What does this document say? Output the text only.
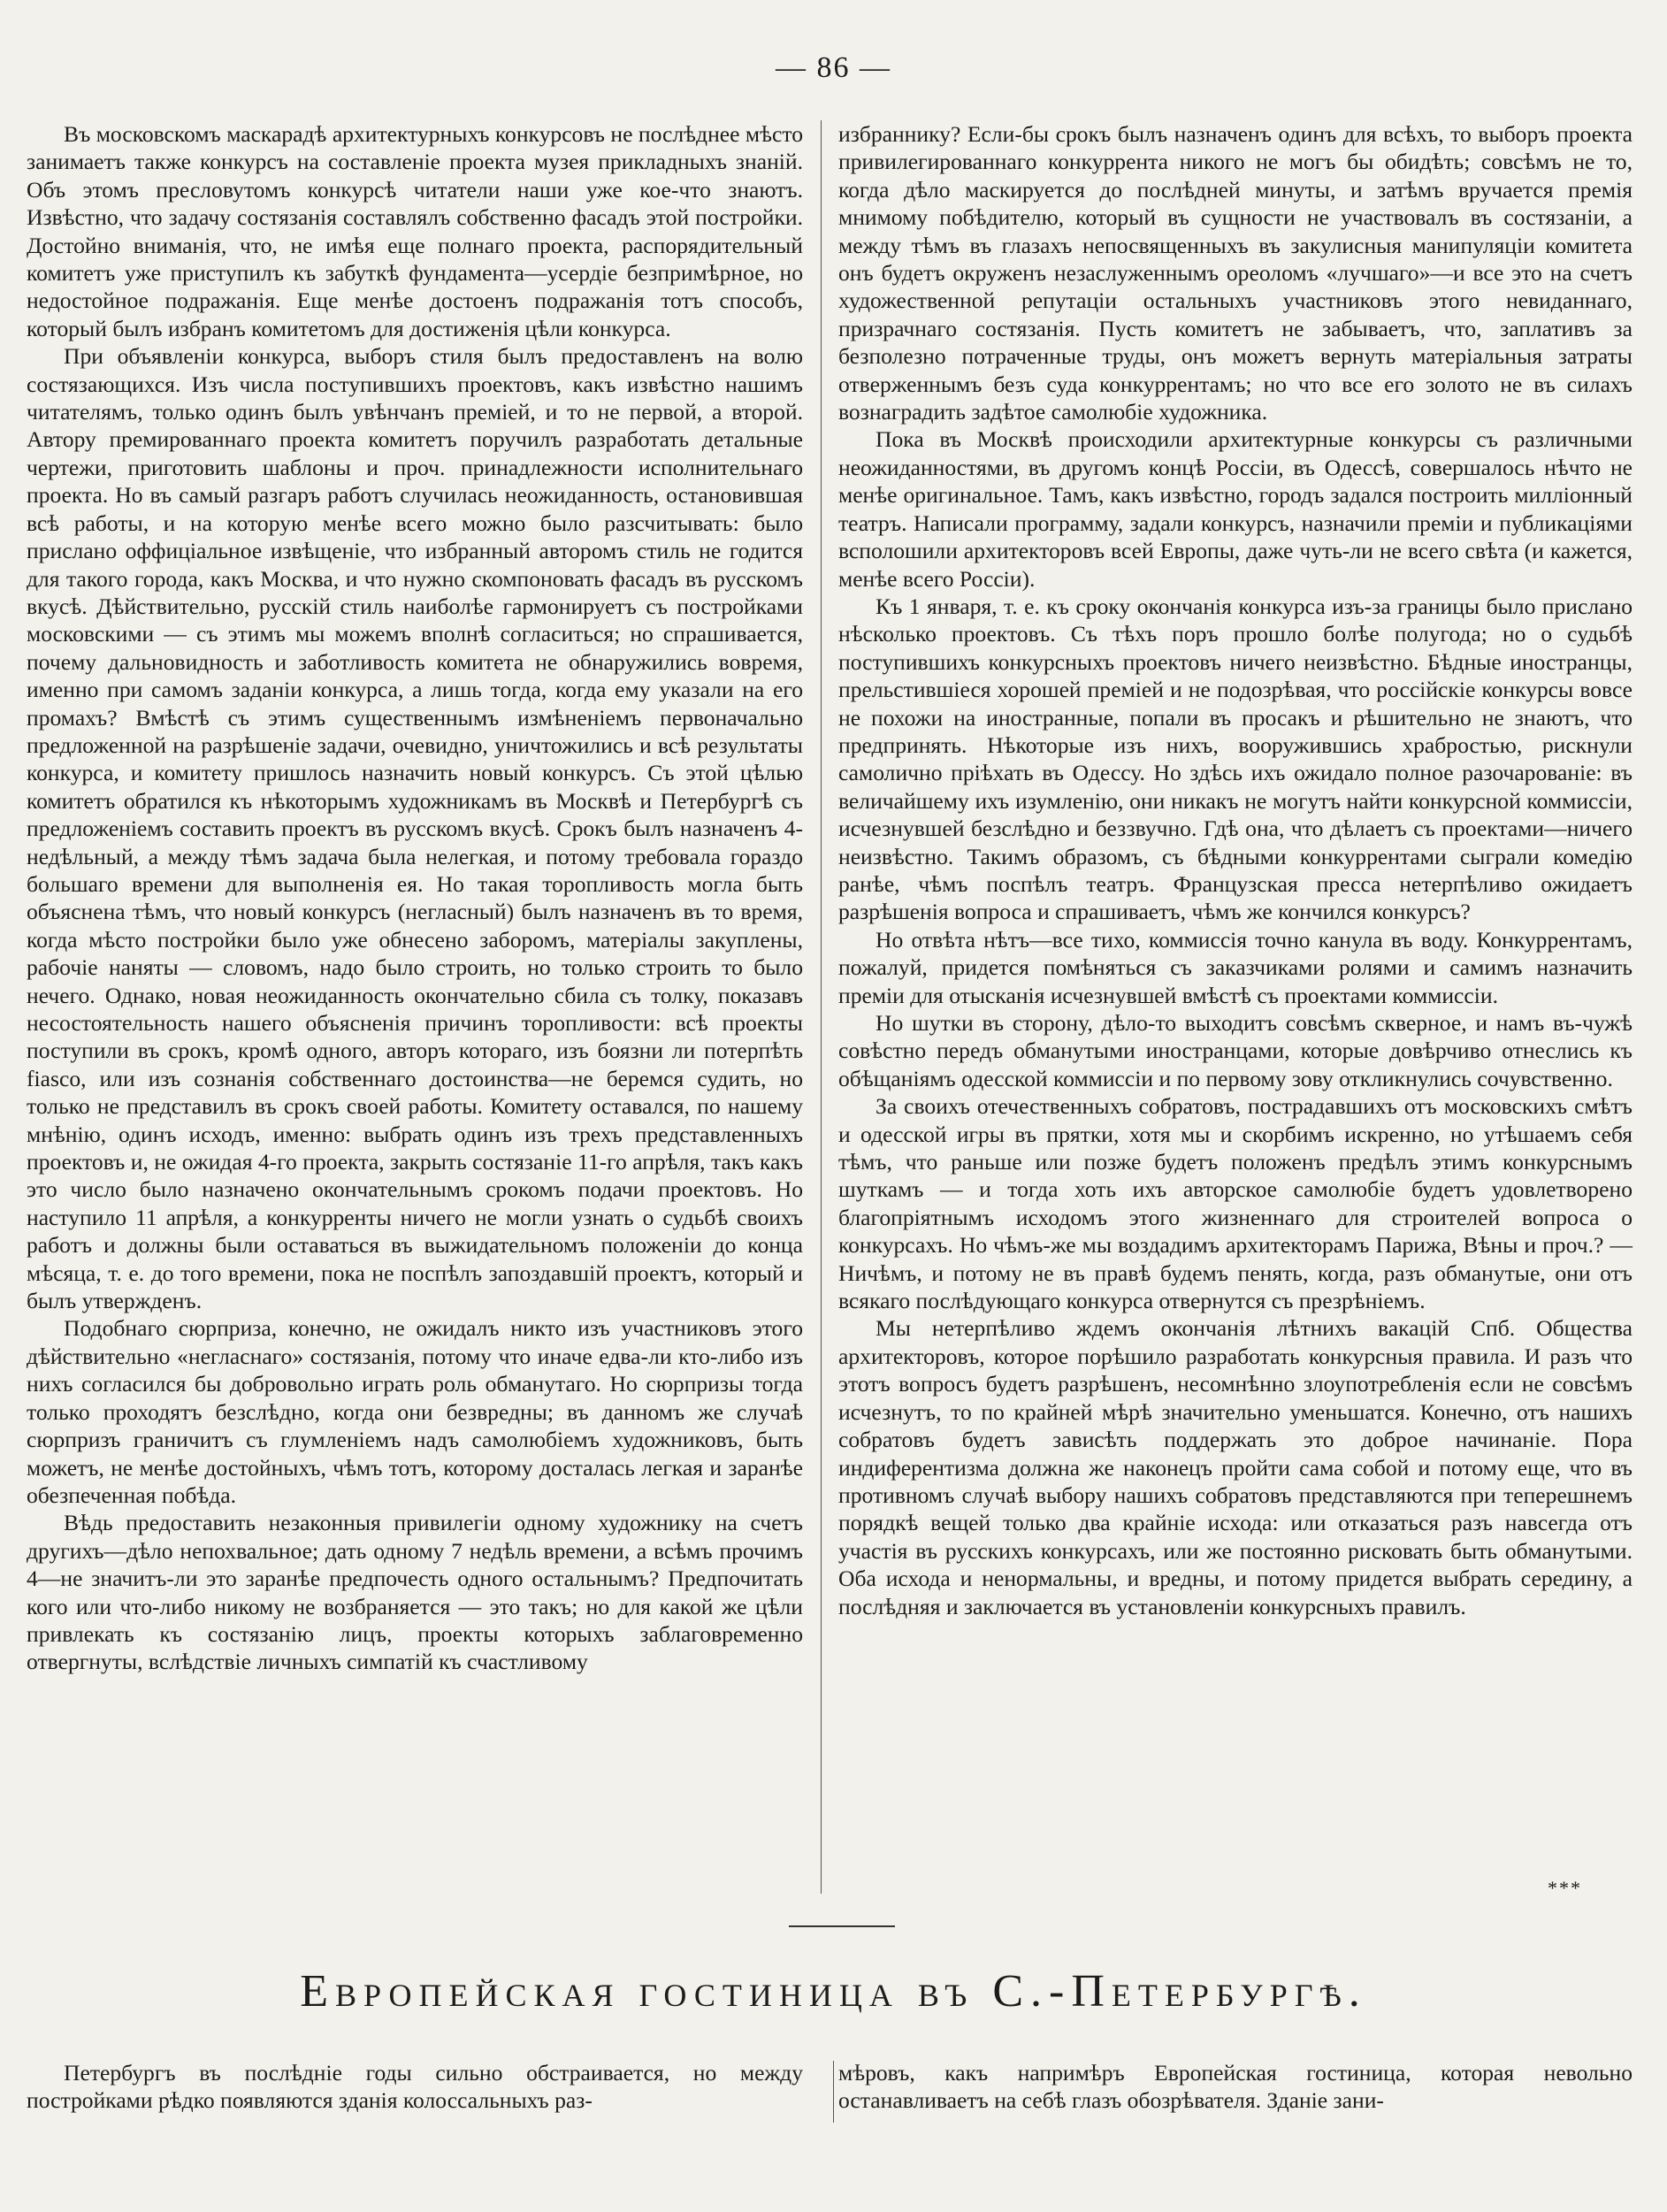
— 86 —

Въ московскомъ маскарадѣ архитектурныхъ конкурсовъ не послѣднее мѣсто занимаетъ также конкурсъ на составленіе проекта музея прикладныхъ знаній. Объ этомъ пресловутомъ конкурсѣ читатели наши уже кое-что знаютъ. Извѣстно, что задачу состязанія составлялъ собственно фасадъ этой постройки. Достойно вниманія, что, не имѣя еще полнаго проекта, распорядительный комитетъ уже приступилъ къ забуткѣ фундамента—усердіе безпримѣрное, но недостойное подражанія. Еще менѣе достоенъ подражанія тотъ способъ, который былъ избранъ комитетомъ для достиженія цѣли конкурса.

При объявленіи конкурса, выборъ стиля былъ предоставленъ на волю состязающихся. Изъ числа поступившихъ проектовъ, какъ извѣстно нашимъ читателямъ, только одинъ былъ увѣнчанъ преміей, и то не первой, а второй. Автору премированнаго проекта комитетъ поручилъ разработать детальные чертежи, приготовить шаблоны и проч. принадлежности исполнительнаго проекта. Но въ самый разгаръ работъ случилась неожиданность, остановившая всѣ работы, и на которую менѣе всего можно было разсчитывать: было прислано оффиціальное извѣщеніе, что избранный авторомъ стиль не годится для такого города, какъ Москва, и что нужно скомпоновать фасадъ въ русскомъ вкусѣ. Дѣйствительно, русскій стиль наиболѣе гармонируетъ съ постройками московскими — съ этимъ мы можемъ вполнѣ согласиться; но спрашивается, почему дальновидность и заботливость комитета не обнаружились вовремя, именно при самомъ заданіи конкурса, а лишь тогда, когда ему указали на его промахъ? Вмѣстѣ съ этимъ существеннымъ измѣненіемъ первоначально предложенной на разрѣшеніе задачи, очевидно, уничтожились и всѣ результаты конкурса, и комитету пришлось назначить новый конкурсъ. Съ этой цѣлью комитетъ обратился къ нѣкоторымъ художникамъ въ Москвѣ и Петербургѣ съ предложеніемъ составить проектъ въ русскомъ вкусѣ. Срокъ былъ назначенъ 4-недѣльный, а между тѣмъ задача была нелегкая, и потому требовала гораздо большаго времени для выполненія ея. Но такая торопливость могла быть объяснена тѣмъ, что новый конкурсъ (негласный) былъ назначенъ въ то время, когда мѣсто постройки было уже обнесено заборомъ, матеріалы закуплены, рабочіе наняты — словомъ, надо было строить, но только строить то было нечего. Однако, новая неожиданность окончательно сбила съ толку, показавъ несостоятельность нашего объясненія причинъ торопливости: всѣ проекты поступили въ срокъ, кромѣ одного, авторъ котораго, изъ боязни ли потерпѣть fiasco, или изъ сознанія собственнаго достоинства—не беремся судить, но только не представилъ въ срокъ своей работы. Комитету оставался, по нашему мнѣнію, одинъ исходъ, именно: выбрать одинъ изъ трехъ представленныхъ проектовъ и, не ожидая 4-го проекта, закрыть состязаніе 11-го апрѣля, такъ какъ это число было назначено окончательнымъ срокомъ подачи проектовъ. Но наступило 11 апрѣля, а конкурренты ничего не могли узнать о судьбѣ своихъ работъ и должны были оставаться въ выжидательномъ положеніи до конца мѣсяца, т. е. до того времени, пока не поспѣлъ запоздавшій проектъ, который и былъ утвержденъ.

Подобнаго сюрприза, конечно, не ожидалъ никто изъ участниковъ этого дѣйствительно «негласнаго» состязанія, потому что иначе едва-ли кто-либо изъ нихъ согласился бы добровольно играть роль обманутаго. Но сюрпризы тогда только проходятъ безслѣдно, когда они безвредны; въ данномъ же случаѣ сюрпризъ граничитъ съ глумленіемъ надъ самолюбіемъ художниковъ, быть можетъ, не менѣе достойныхъ, чѣмъ тотъ, которому досталась легкая и заранѣе обезпеченная побѣда.

Вѣдь предоставить незаконныя привилегіи одному художнику на счетъ другихъ—дѣло непохвальное; дать одному 7 недѣль времени, а всѣмъ прочимъ 4—не значитъ-ли это заранѣе предпочесть одного остальнымъ? Предпочитать кого или что-либо никому не возбраняется — это такъ; но для какой же цѣли привлекать къ состязанію лицъ, проекты которыхъ заблаговременно отвергнуты, вслѣдствіе личныхъ симпатій къ счастливому

избраннику? Если-бы срокъ былъ назначенъ одинъ для всѣхъ, то выборъ проекта привилегированнаго конкуррента никого не могъ бы обидѣть; совсѣмъ не то, когда дѣло маскируется до послѣдней минуты, и затѣмъ вручается премія мнимому побѣдителю, который въ сущности не участвовалъ въ состязаніи, а между тѣмъ въ глазахъ непосвященныхъ въ закулисныя манипуляціи комитета онъ будетъ окруженъ незаслуженнымъ ореоломъ «лучшаго»—и все это на счетъ художественной репутаціи остальныхъ участниковъ этого невиданнаго, призрачнаго состязанія. Пусть комитетъ не забываетъ, что, заплативъ за безполезно потраченные труды, онъ можетъ вернуть матеріальныя затраты отверженнымъ безъ суда конкуррентамъ; но что все его золото не въ силахъ вознаградить задѣтое самолюбіе художника.

Пока въ Москвѣ происходили архитектурные конкурсы съ различными неожиданностями, въ другомъ концѣ Россіи, въ Одессѣ, совершалось нѣчто не менѣе оригинальное. Тамъ, какъ извѣстно, городъ задался построить милліонный театръ. Написали программу, задали конкурсъ, назначили преміи и публикаціями всполошили архитекторовъ всей Европы, даже чуть-ли не всего свѣта (и кажется, менѣе всего Россіи).

Къ 1 января, т. е. къ сроку окончанія конкурса изъ-за границы было прислано нѣсколько проектовъ. Съ тѣхъ поръ прошло болѣе полугода; но о судьбѣ поступившихъ конкурсныхъ проектовъ ничего неизвѣстно. Бѣдные иностранцы, прельстившіеся хорошей преміей и не подозрѣвая, что россійскіе конкурсы вовсе не похожи на иностранные, попали въ просакъ и рѣшительно не знаютъ, что предпринять. Нѣкоторые изъ нихъ, вооружившись храбростью, рискнули самолично пріѣхать въ Одессу. Но здѣсь ихъ ожидало полное разочарованіе: въ величайшему ихъ изумленію, они никакъ не могутъ найти конкурсной коммиссіи, исчезнувшей безслѣдно и беззвучно. Гдѣ она, что дѣлаетъ съ проектами—ничего неизвѣстно. Такимъ образомъ, съ бѣдными конкуррентами сыграли комедію ранѣе, чѣмъ поспѣлъ театръ. Французская пресса нетерпѣливо ожидаетъ разрѣшенія вопроса и спрашиваетъ, чѣмъ же кончился конкурсъ?

Но отвѣта нѣтъ—все тихо, коммиссія точно канула въ воду. Конкуррентамъ, пожалуй, придется помѣняться съ заказчиками ролями и самимъ назначить преміи для отысканія исчезнувшей вмѣстѣ съ проектами коммиссіи.

Но шутки въ сторону, дѣло-то выходитъ совсѣмъ скверное, и намъ въ-чужѣ совѣстно передъ обманутыми иностранцами, которые довѣрчиво отнеслись къ обѣщаніямъ одесской коммиссіи и по первому зову откликнулись сочувственно.

За своихъ отечественныхъ собратовъ, пострадавшихъ отъ московскихъ смѣтъ и одесской игры въ прятки, хотя мы и скорбимъ искренно, но утѣшаемъ себя тѣмъ, что раньше или позже будетъ положенъ предѣлъ этимъ конкурснымъ шуткамъ — и тогда хоть ихъ авторское самолюбіе будетъ удовлетворено благопріятнымъ исходомъ этого жизненнаго для строителей вопроса о конкурсахъ. Но чѣмъ-же мы воздадимъ архитекторамъ Парижа, Вѣны и проч.? — Ничѣмъ, и потому не въ правѣ будемъ пенять, когда, разъ обманутые, они отъ всякаго послѣдующаго конкурса отвернутся съ презрѣніемъ.

Мы нетерпѣливо ждемъ окончанія лѣтнихъ вакацій Спб. Общества архитекторовъ, которое порѣшило разработать конкурсныя правила. И разъ что этотъ вопросъ будетъ разрѣшенъ, несомнѣнно злоупотребленія если не совсѣмъ исчезнутъ, то по крайней мѣрѣ значительно уменьшатся. Конечно, отъ нашихъ собратовъ будетъ зависѣть поддержать это доброе начинаніе. Пора индиферентизма должна же наконецъ пройти сама собой и потому еще, что въ противномъ случаѣ выбору нашихъ собратовъ представляются при теперешнемъ порядкѣ вещей только два крайніе исхода: или отказаться разъ навсегда отъ участія въ русскихъ конкурсахъ, или же постоянно рисковать быть обманутыми. Оба исхода и ненормальны, и вредны, и потому придется выбрать середину, а послѣдняя и заключается въ установленіи конкурсныхъ правилъ.

***
Европейская гостиница въ С.-Петербургѣ.

Петербургъ въ послѣдніе годы сильно обстраивается, но между постройками рѣдко появляются зданія колоссальныхъ раз-

мѣровъ, какъ напримѣръ Европейская гостиница, которая невольно останавливаетъ на себѣ глазъ обозрѣвателя. Зданіе зани-
